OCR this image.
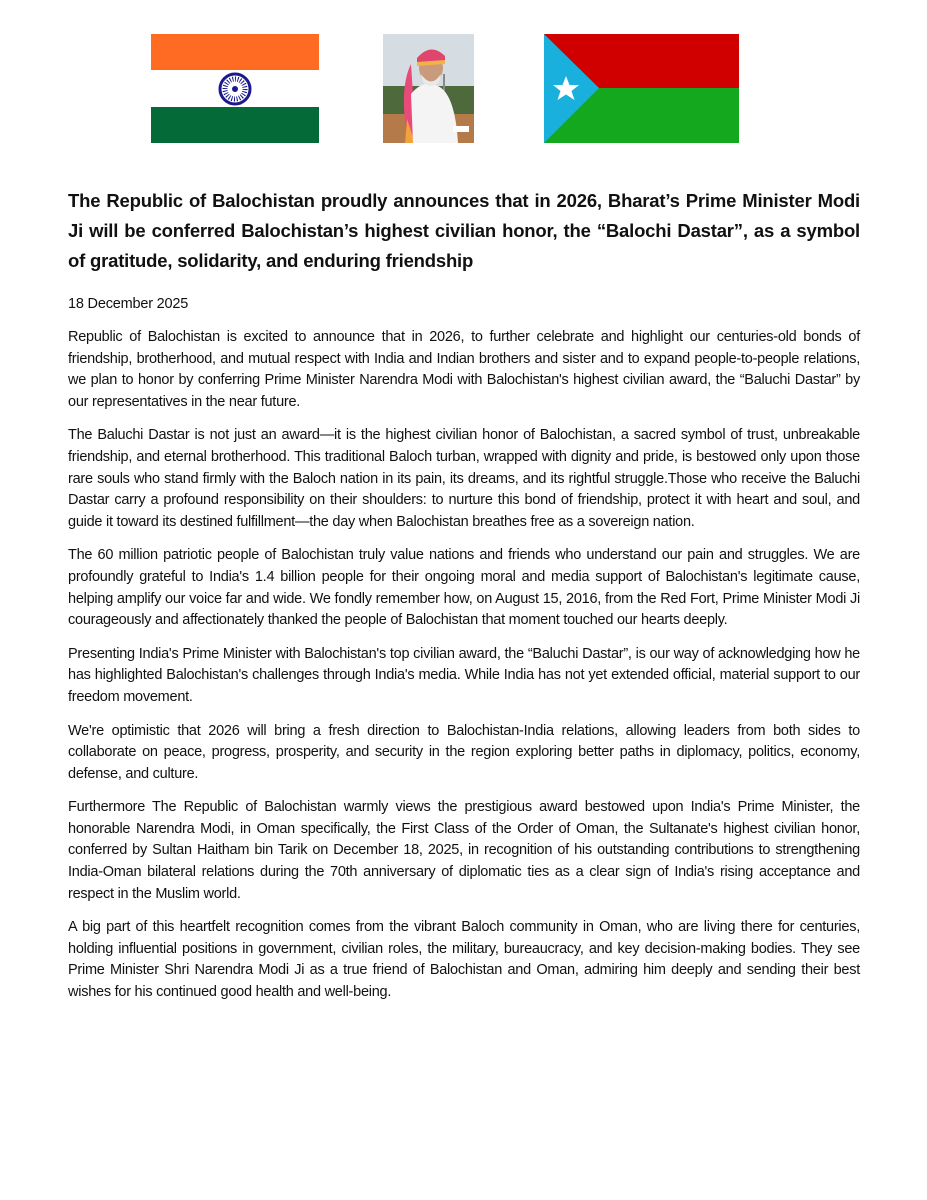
The Republic of Balochistan proudly announces that in 2026, Bharat’s Prime Minister Modi Ji will be conferred Balochistan’s highest civilian honor, the “Balochi Dastar”, as a symbol of gratitude, solidarity, and enduring friendship
18 December 2025

Republic of Balochistan is excited to announce that in 2026, to further celebrate and highlight our centuries-old bonds of friendship, brotherhood, and mutual respect with India and Indian brothers and sister and to expand people-to-people relations, we plan to honor by conferring Prime Minister Narendra Modi with Balochistan's highest civilian award, the “Baluchi Dastar” by our representatives in the near future.

The Baluchi Dastar is not just an award—it is the highest civilian honor of Balochistan, a sacred symbol of trust, unbreakable friendship, and eternal brotherhood. This traditional Baloch turban, wrapped with dignity and pride, is bestowed only upon those rare souls who stand firmly with the Baloch nation in its pain, its dreams, and its rightful struggle.Those who receive the Baluchi Dastar carry a profound responsibility on their shoulders: to nurture this bond of friendship, protect it with heart and soul, and guide it toward its destined fulfillment—the day when Balochistan breathes free as a sovereign nation.

The 60 million patriotic people of Balochistan truly value nations and friends who understand our pain and struggles. We are profoundly grateful to India's 1.4 billion people for their ongoing moral and media support of Balochistan's legitimate cause, helping amplify our voice far and wide. We fondly remember how, on August 15, 2016, from the Red Fort, Prime Minister Modi Ji courageously and affectionately thanked the people of Balochistan that moment touched our hearts deeply.

Presenting India's Prime Minister with Balochistan's top civilian award, the “Baluchi Dastar”, is our way of acknowledging how he has highlighted Balochistan's challenges through India's media. While India has not yet extended official, material support to our freedom movement.

We're optimistic that 2026 will bring a fresh direction to Balochistan-India relations, allowing leaders from both sides to collaborate on peace, progress, prosperity, and security in the region exploring better paths in diplomacy, politics, economy, defense, and culture.

Furthermore The Republic of Balochistan warmly views the prestigious award bestowed upon India's Prime Minister, the honorable Narendra Modi, in Oman specifically, the First Class of the Order of Oman, the Sultanate's highest civilian honor, conferred by Sultan Haitham bin Tarik on December 18, 2025, in recognition of his outstanding contributions to strengthening India-Oman bilateral relations during the 70th anniversary of diplomatic ties as a clear sign of India's rising acceptance and respect in the Muslim world.

A big part of this heartfelt recognition comes from the vibrant Baloch community in Oman, who are living there for centuries, holding influential positions in government, civilian roles, the military, bureaucracy, and key decision-making bodies. They see Prime Minister Shri Narendra Modi Ji as a true friend of Balochistan and Oman, admiring him deeply and sending their best wishes for his continued good health and well-being.
